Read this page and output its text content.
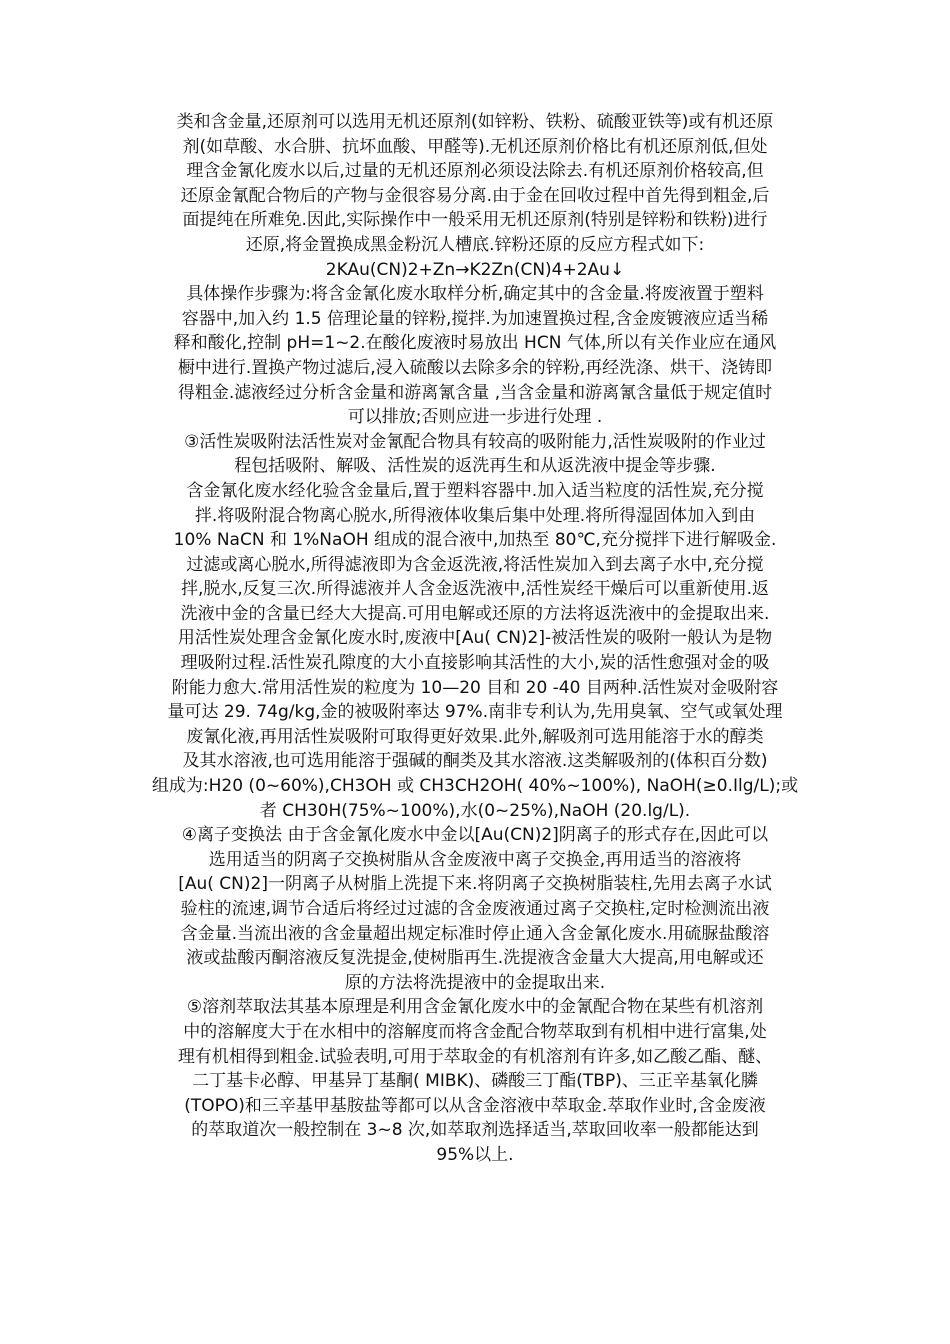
类和含金量,还原剂可以选用无机还原剂(如锌粉、铁粉、硫酸亚铁等)或有机还原
剂(如草酸、水合肼、抗坏血酸、甲醛等).无机还原剂价格比有机还原剂低,但处
理含金氰化废水以后,过量的无机还原剂必须设法除去.有机还原剂价格较高,但
还原金氰配合物后的产物与金很容易分离.由于金在回收过程中首先得到粗金,后
面提纯在所难免.因此,实际操作中一般采用无机还原剂(特别是锌粉和铁粉)进行
还原,将金置换成黑金粉沉人槽底.锌粉还原的反应方程式如下:
2KAu(CN)2+Zn→K2Zn(CN)4+2Au↓
具体操作步骤为:将含金氰化废水取样分析,确定其中的含金量.将废液置于塑料
容器中,加入约 1.5 倍理论量的锌粉,搅拌.为加速置换过程,含金废镀液应适当稀
释和酸化,控制 pH=1~2.在酸化废液时易放出 HCN 气体,所以有关作业应在通风
橱中进行.置换产物过滤后,浸入硫酸以去除多余的锌粉,再经洗涤、烘干、浇铸即
得粗金.滤液经过分析含金量和游离氰含量 ,当含金量和游离氰含量低于规定值时
可以排放;否则应进一步进行处理 .
③活性炭吸附法活性炭对金氰配合物具有较高的吸附能力,活性炭吸附的作业过
程包括吸附、解吸、活性炭的返洗再生和从返洗液中提金等步骤.
含金氰化废水经化验含金量后,置于塑料容器中.加入适当粒度的活性炭,充分搅
拌.将吸附混合物离心脱水,所得液体收集后集中处理.将所得湿固体加入到由
10% NaCN 和 1%NaOH 组成的混合液中,加热至 80℃,充分搅拌下进行解吸金.
过滤或离心脱水,所得滤液即为含金返洗液,将活性炭加入到去离子水中,充分搅
拌,脱水,反复三次.所得滤液并人含金返洗液中,活性炭经干燥后可以重新使用.返
洗液中金的含量已经大大提高.可用电解或还原的方法将返洗液中的金提取出来.
用活性炭处理含金氰化废水时,废液中[Au( CN)2]-被活性炭的吸附一般认为是物
理吸附过程.活性炭孔隙度的大小直接影响其活性的大小,炭的活性愈强对金的吸
附能力愈大.常用活性炭的粒度为 10—20 目和 20 -40 目两种.活性炭对金吸附容
量可达 29. 74g/kg,金的被吸附率达 97%.南非专利认为,先用臭氧、空气或氧处理
废氰化液,再用活性炭吸附可取得更好效果.此外,解吸剂可选用能溶于水的醇类
及其水溶液,也可选用能溶于强碱的酮类及其水溶液.这类解吸剂的(体积百分数)
组成为:H20 (0~60%),CH3OH 或 CH3CH2OH( 40%~100%), NaOH(≥0.Ilg/L);或
者 CH30H(75%~100%),水(0~25%),NaOH (20.lg/L).
④离子变换法 由于含金氰化废水中金以[Au(CN)2]阴离子的形式存在,因此可以
选用适当的阴离子交换树脂从含金废液中离子交换金,再用适当的溶液将
[Au( CN)2]一阴离子从树脂上洗提下来.将阴离子交换树脂装柱,先用去离子水试
验柱的流速,调节合适后将经过过滤的含金废液通过离子交换柱,定时检测流出液
含金量.当流出液的含金量超出规定标准时停止通入含金氰化废水.用硫脲盐酸溶
液或盐酸丙酮溶液反复洗提金,使树脂再生.洗提液含金量大大提高,用电解或还
原的方法将洗提液中的金提取出来.
⑤溶剂萃取法其基本原理是利用含金氰化废水中的金氰配合物在某些有机溶剂
中的溶解度大于在水相中的溶解度而将含金配合物萃取到有机相中进行富集,处
理有机相得到粗金.试验表明,可用于萃取金的有机溶剂有许多,如乙酸乙酯、醚、
二丁基卡必醇、甲基异丁基酮( MIBK)、磷酸三丁酯(TBP)、三正辛基氧化膦
(TOPO)和三辛基甲基胺盐等都可以从含金溶液中萃取金.萃取作业时,含金废液
的萃取道次一般控制在 3~8 次,如萃取剂选择适当,萃取回收率一般都能达到
95%以上.
